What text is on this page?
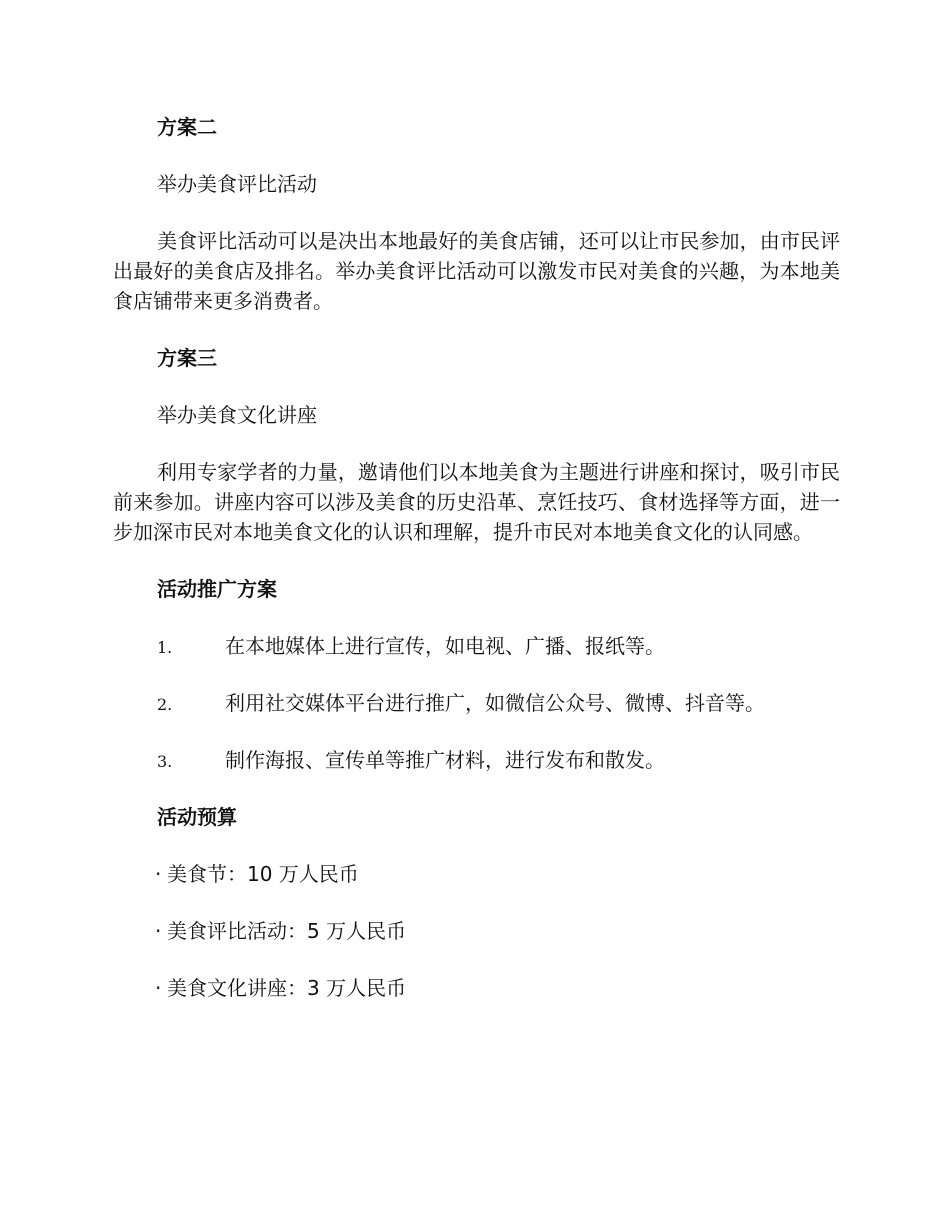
方案二

举办美食评比活动

美食评比活动可以是决出本地最好的美食店铺，还可以让市民参加，由市民评出最好的美食店及排名。举办美食评比活动可以激发市民对美食的兴趣，为本地美食店铺带来更多消费者。

方案三

举办美食文化讲座

利用专家学者的力量，邀请他们以本地美食为主题进行讲座和探讨，吸引市民前来参加。讲座内容可以涉及美食的历史沿革、烹饪技巧、食材选择等方面，进一步加深市民对本地美食文化的认识和理解，提升市民对本地美食文化的认同感。

活动推广方案

1.	在本地媒体上进行宣传，如电视、广播、报纸等。
2.	利用社交媒体平台进行推广，如微信公众号、微博、抖音等。
3.	制作海报、宣传单等推广材料，进行发布和散发。

活动预算

· 美食节：10 万人民币
· 美食评比活动：5 万人民币
· 美食文化讲座：3 万人民币
